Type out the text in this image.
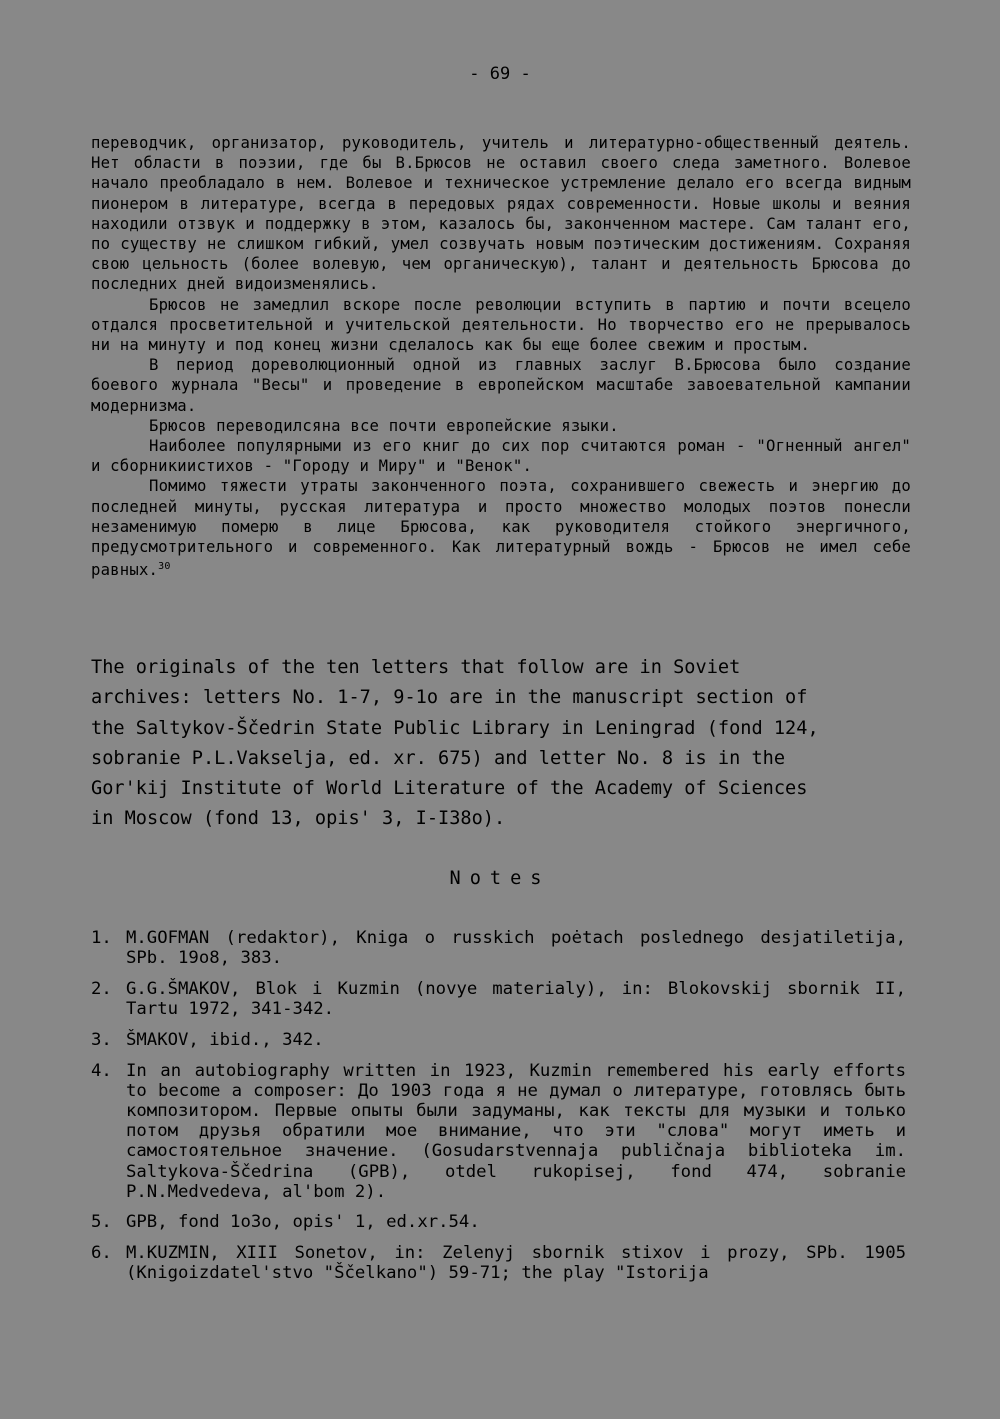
- 69 -

переводчик, организатор, руководитель, учитель и литературно-общественный деятель. Нет области в поэзии, где бы В.Брюсов не оставил своего следа заметного. Волевое начало преобладало в нем. Волевое и техническое устремление делало его всегда видным пионером в литературе, всегда в передовых рядах современности. Новые школы и веяния находили отзвук и поддержку в этом, казалось бы, законченном мастере. Сам талант его, по существу не слишком гибкий, умел созвучать новым поэтическим достижениям. Сохраняя свою цельность (более волевую, чем органическую), талант и деятельность Брюсова до последних дней видоизменялись.

Брюсов не замедлил вскоре после революции вступить в партию и почти всецело отдался просветительной и учительской деятельности. Но творчество его не прерывалось ни на минуту и под конец жизни сделалось как бы еще более свежим и простым.

В период дореволюционный одной из главных заслуг В.Брюсова было создание боевого журнала "Весы" и проведение в европейском масштабе завоевательной кампании модернизма.

Брюсов переводилсяна все почти европейские языки.

Наиболее популярными из его книг до сих пор считаются роман - "Огненный ангел" и сборникиистихов - "Городу и Миру" и "Венок".

Помимо тяжести утраты законченного поэта, сохранившего свежесть и энергию до последней минуты, русская литература и просто множество молодых поэтов понесли незаменимую померю в лице Брюсова, как руководителя стойкого энергичного, предусмотрительного и современного. Как литературный вождь - Брюсов не имел себе равных.$^{30}$

The originals of the ten letters that follow are in Soviet
archives: letters No. 1-7, 9-1o are in the manuscript section of
the Saltykov-Ščedrin State Public Library in Leningrad (fond 124,
sobranie P.L.Vakselja, ed. xr. 675) and letter No. 8 is in the
Gor'kij Institute of World Literature of the Academy of Sciences
in Moscow (fond 13, opis' 3, I-I38o).
Notes
1. M.GOFMAN (redaktor), Kniga o russkich poėtach poslednego desjatiletija, SPb. 19o8, 383.
2. G.G.ŠMAKOV, Blok i Kuzmin (novye materialy), in: Blokovskij sbornik II, Tartu 1972, 341-342.
3. ŠMAKOV, ibid., 342.
4. In an autobiography written in 1923, Kuzmin remembered his early efforts to become a composer: До 1903 года я не думал о литературе, готовлясь быть композитором. Первые опыты были задуманы, как тексты для музыки и только потом друзья обратили мое внимание, что эти "слова" могут иметь и самостоятельное значение. (Gosudarstvennaja publičnaja biblioteka im. Saltykova-Ščedrina (GPB), otdel rukopisej, fond 474, sobranie P.N.Medvedeva, al'bom 2).
5. GPB, fond 1o3o, opis' 1, ed.xr.54.
6. M.KUZMIN, XIII Sonetov, in: Zelenyj sbornik stixov i prozy, SPb. 1905 (Knigoizdatel'stvo "Ščelkano") 59-71; the play "Istorija
